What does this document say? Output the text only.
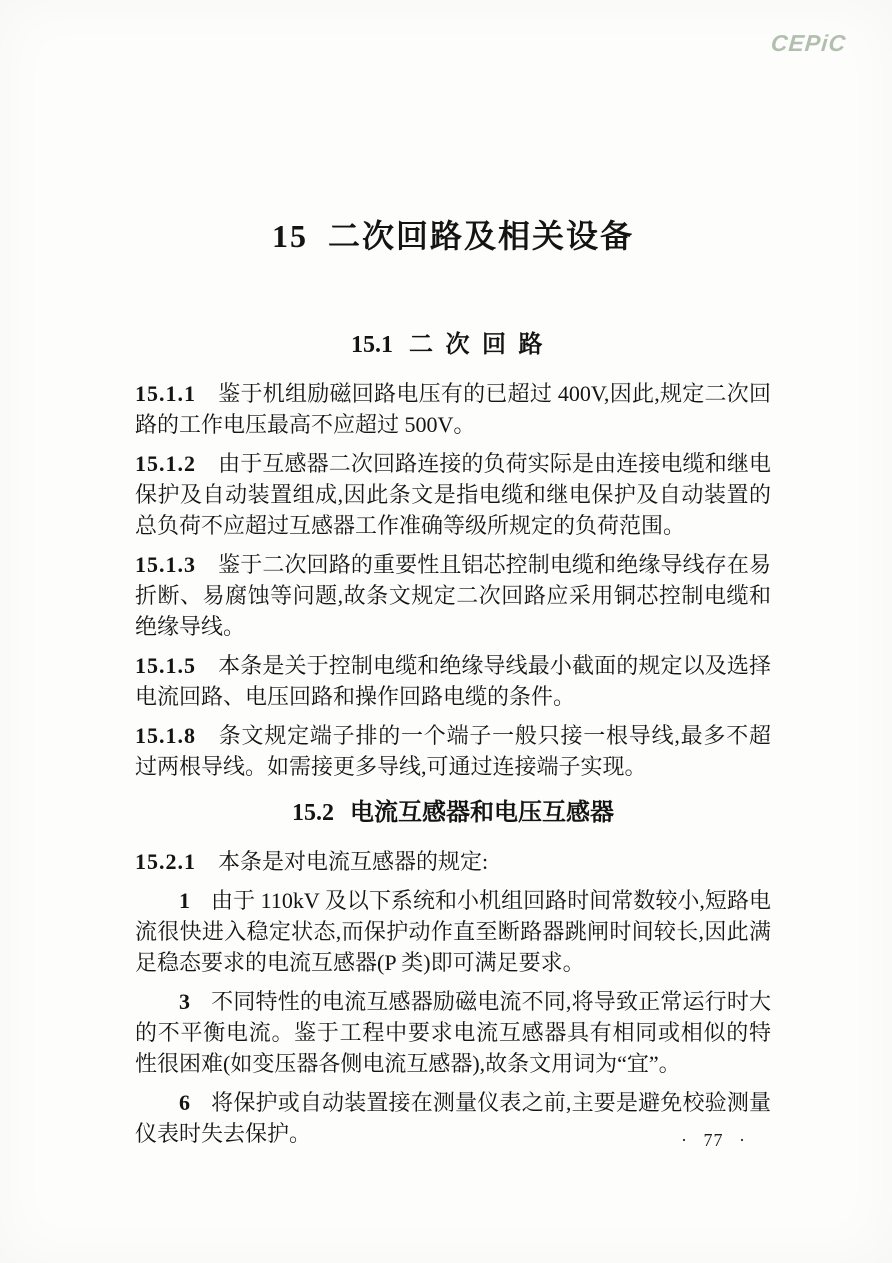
CEPiC
15 二次回路及相关设备
15.1 二次回路

15.1.1 鉴于机组励磁回路电压有的已超过 400V,因此,规定二次回路的工作电压最高不应超过 500V。

15.1.2 由于互感器二次回路连接的负荷实际是由连接电缆和继电保护及自动装置组成,因此条文是指电缆和继电保护及自动装置的总负荷不应超过互感器工作准确等级所规定的负荷范围。

15.1.3 鉴于二次回路的重要性且铝芯控制电缆和绝缘导线存在易折断、易腐蚀等问题,故条文规定二次回路应采用铜芯控制电缆和绝缘导线。

15.1.5 本条是关于控制电缆和绝缘导线最小截面的规定以及选择电流回路、电压回路和操作回路电缆的条件。

15.1.8 条文规定端子排的一个端子一般只接一根导线,最多不超过两根导线。如需接更多导线,可通过连接端子实现。

15.2 电流互感器和电压互感器

15.2.1 本条是对电流互感器的规定:

1 由于 110kV 及以下系统和小机组回路时间常数较小,短路电流很快进入稳定状态,而保护动作直至断路器跳闸时间较长,因此满足稳态要求的电流互感器(P 类)即可满足要求。

3 不同特性的电流互感器励磁电流不同,将导致正常运行时大的不平衡电流。鉴于工程中要求电流互感器具有相同或相似的特性很困难(如变压器各侧电流互感器),故条文用词为“宜”。

6 将保护或自动装置接在测量仪表之前,主要是避免校验测量仪表时失去保护。	· 77 ·
